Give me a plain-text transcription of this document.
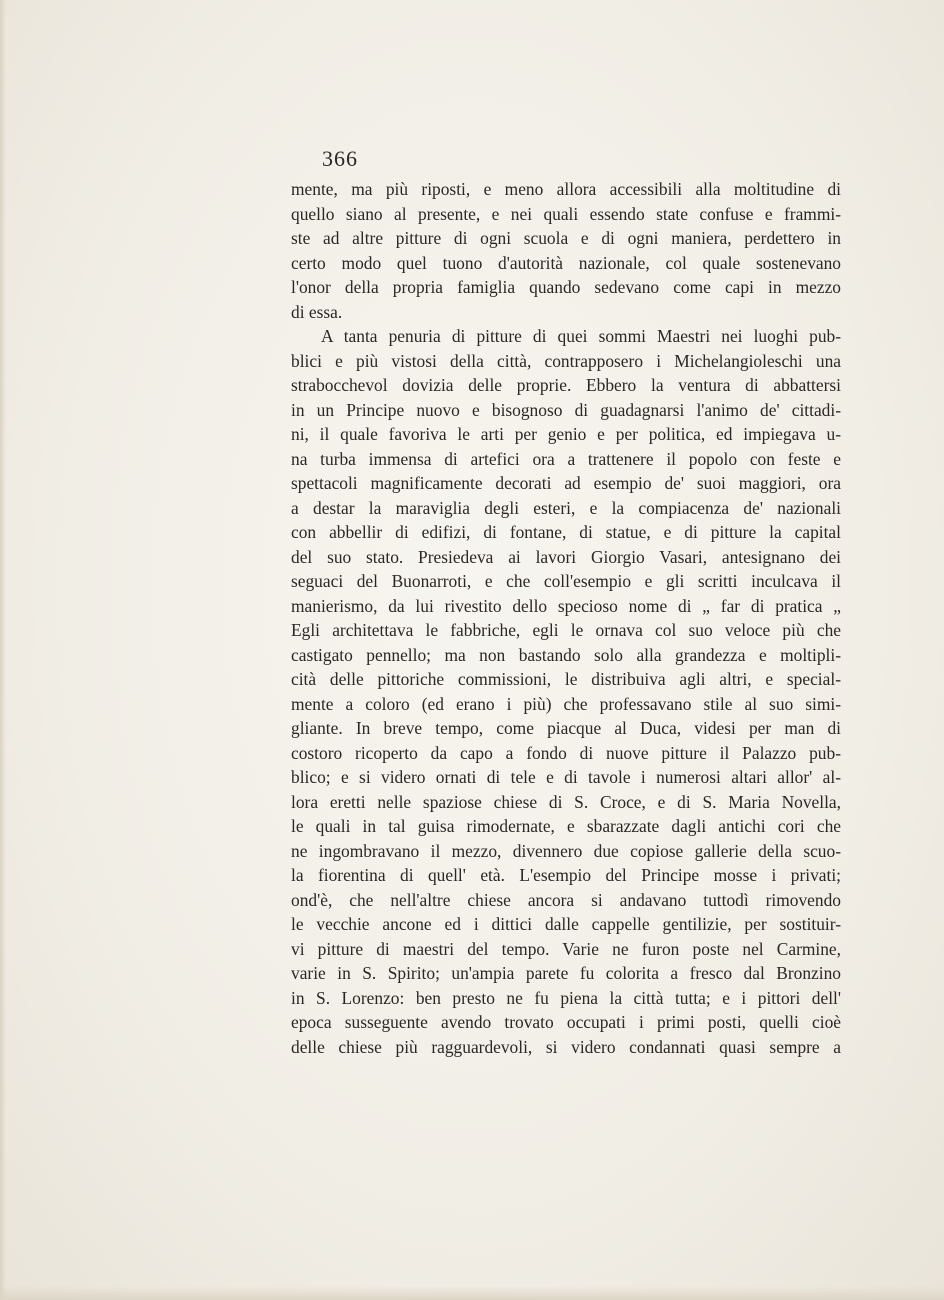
366
mente, ma più riposti, e meno allora accessibili alla moltitudine di
quello siano al presente, e nei quali essendo state confuse e frammi-
ste ad altre pitture di ogni scuola e di ogni maniera, perdettero in
certo modo quel tuono d'autorità nazionale, col quale sostenevano
l'onor della propria famiglia quando sedevano come capi in mezzo
di essa.
A tanta penuria di pitture di quei sommi Maestri nei luoghi pub-
blici e più vistosi della città, contrapposero i Michelangioleschi una
strabocchevol dovizia delle proprie. Ebbero la ventura di abbattersi
in un Principe nuovo e bisognoso di guadagnarsi l'animo de' cittadi-
ni, il quale favoriva le arti per genio e per politica, ed impiegava u-
na turba immensa di artefici ora a trattenere il popolo con feste e
spettacoli magnificamente decorati ad esempio de' suoi maggiori, ora
a destar la maraviglia degli esteri, e la compiacenza de' nazionali
con abbellir di edifizi, di fontane, di statue, e di pitture la capital
del suo stato. Presiedeva ai lavori Giorgio Vasari, antesignano dei
seguaci del Buonarroti, e che coll'esempio e gli scritti inculcava il
manierismo, da lui rivestito dello specioso nome di „ far di pratica „
Egli architettava le fabbriche, egli le ornava col suo veloce più che
castigato pennello; ma non bastando solo alla grandezza e moltipli-
cità delle pittoriche commissioni, le distribuiva agli altri, e special-
mente a coloro (ed erano i più) che professavano stile al suo simi-
gliante. In breve tempo, come piacque al Duca, videsi per man di
costoro ricoperto da capo a fondo di nuove pitture il Palazzo pub-
blico; e si videro ornati di tele e di tavole i numerosi altari allor' al-
lora eretti nelle spaziose chiese di S. Croce, e di S. Maria Novella,
le quali in tal guisa rimodernate, e sbarazzate dagli antichi cori che
ne ingombravano il mezzo, divennero due copiose gallerie della scuo-
la fiorentina di quell' età. L'esempio del Principe mosse i privati;
ond'è, che nell'altre chiese ancora si andavano tuttodì rimovendo
le vecchie ancone ed i dittici dalle cappelle gentilizie, per sostituir-
vi pitture di maestri del tempo. Varie ne furon poste nel Carmine,
varie in S. Spirito; un'ampia parete fu colorita a fresco dal Bronzino
in S. Lorenzo: ben presto ne fu piena la città tutta; e i pittori dell'
epoca susseguente avendo trovato occupati i primi posti, quelli cioè
delle chiese più ragguardevoli, si videro condannati quasi sempre a
